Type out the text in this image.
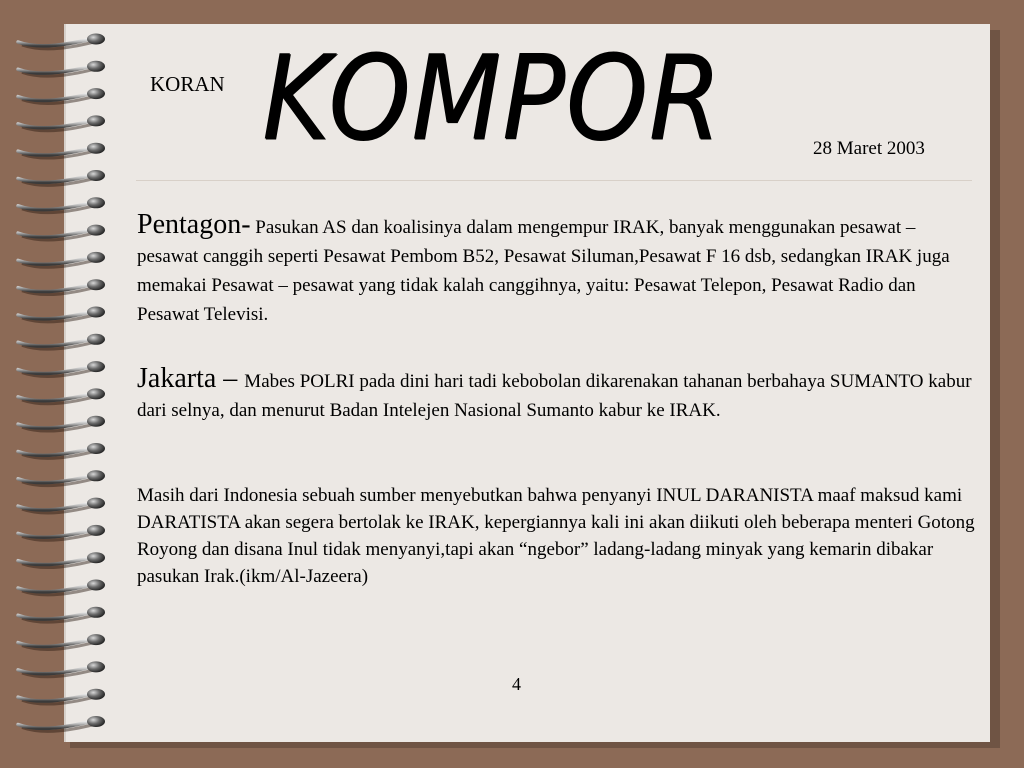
KORAN KOMPOR	28 Maret 2003

Pentagon- Pasukan AS dan koalisinya dalam mengempur IRAK, banyak menggunakan pesawat – pesawat canggih seperti Pesawat Pembom B52, Pesawat Siluman,Pesawat F 16 dsb, sedangkan IRAK juga memakai Pesawat – pesawat yang tidak kalah canggihnya, yaitu: Pesawat Telepon, Pesawat Radio dan Pesawat Televisi.

Jakarta – Mabes POLRI pada dini hari tadi kebobolan dikarenakan tahanan berbahaya SUMANTO kabur dari selnya, dan menurut Badan Intelejen Nasional Sumanto kabur ke IRAK.

Masih dari Indonesia sebuah sumber menyebutkan bahwa penyanyi INUL DARANISTA maaf maksud kami DARATISTA akan segera bertolak ke IRAK, kepergiannya kali ini akan diikuti oleh beberapa menteri Gotong Royong dan disana Inul tidak menyanyi,tapi akan “ngebor” ladang-ladang minyak yang kemarin dibakar pasukan Irak.(ikm/Al-Jazeera)

4
